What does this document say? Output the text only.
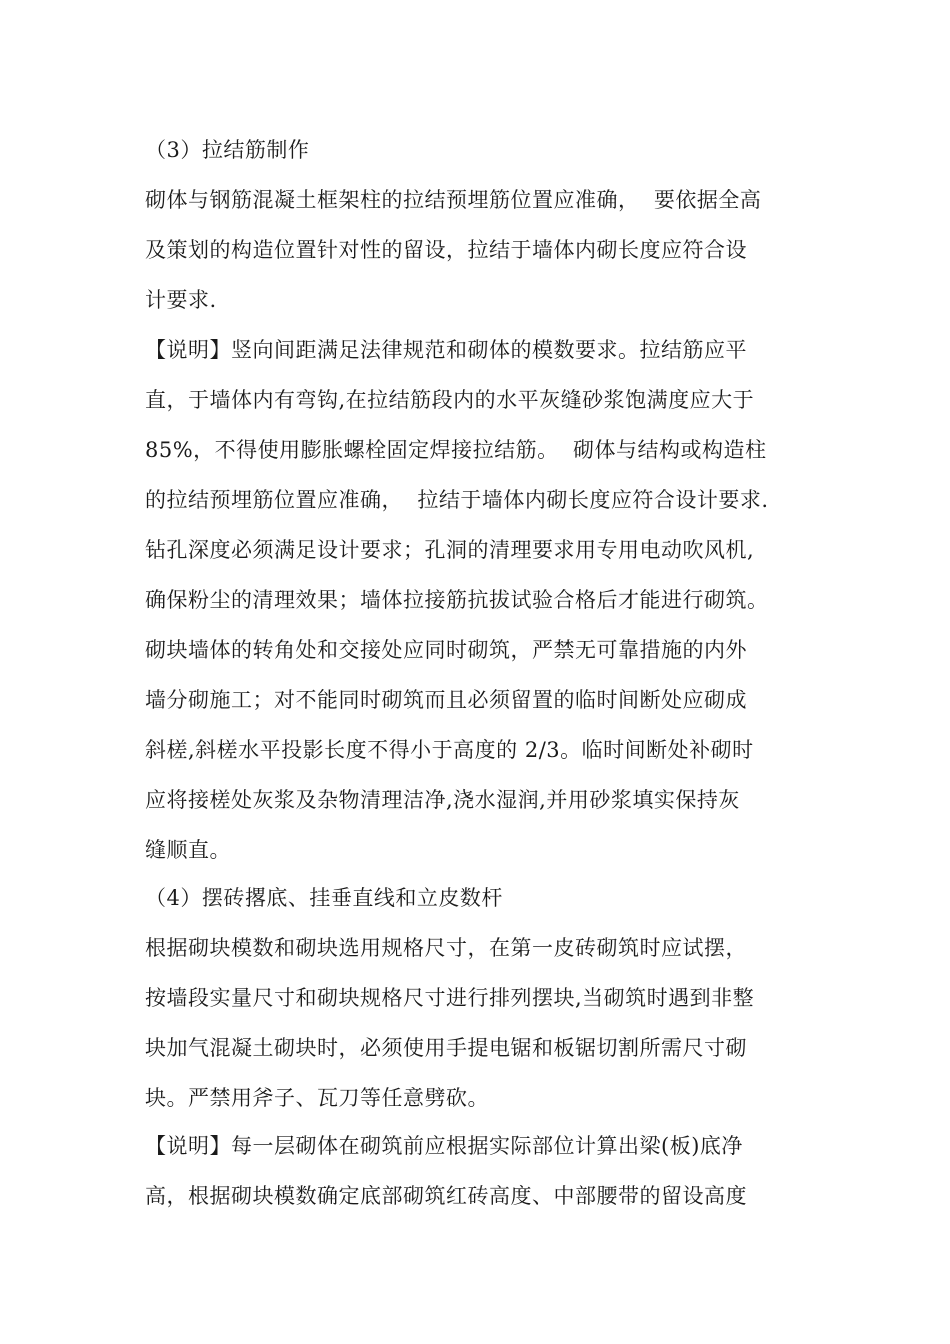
（3）拉结筋制作
砌体与钢筋混凝土框架柱的拉结预埋筋位置应准确，  要依据全高
及策划的构造位置针对性的留设，拉结于墙体内砌长度应符合设
计要求.
【说明】竖向间距满足法律规范和砌体的模数要求。拉结筋应平
直，于墙体内有弯钩,在拉结筋段内的水平灰缝砂浆饱满度应大于
85%，不得使用膨胀螺栓固定焊接拉结筋。  砌体与结构或构造柱
的拉结预埋筋位置应准确，  拉结于墙体内砌长度应符合设计要求.
钻孔深度必须满足设计要求；孔洞的清理要求用专用电动吹风机,
确保粉尘的清理效果；墙体拉接筋抗拔试验合格后才能进行砌筑。
砌块墙体的转角处和交接处应同时砌筑，严禁无可靠措施的内外
墙分砌施工；对不能同时砌筑而且必须留置的临时间断处应砌成
斜槎,斜槎水平投影长度不得小于高度的 2/3。临时间断处补砌时
应将接槎处灰浆及杂物清理洁净,浇水湿润,并用砂浆填实保持灰
缝顺直。
（4）摆砖撂底、挂垂直线和立皮数杆
根据砌块模数和砌块选用规格尺寸，在第一皮砖砌筑时应试摆，
按墙段实量尺寸和砌块规格尺寸进行排列摆块,当砌筑时遇到非整
块加气混凝土砌块时，必须使用手提电锯和板锯切割所需尺寸砌
块。严禁用斧子、瓦刀等任意劈砍。
【说明】每一层砌体在砌筑前应根据实际部位计算出梁(板)底净
高，根据砌块模数确定底部砌筑红砖高度、中部腰带的留设高度
